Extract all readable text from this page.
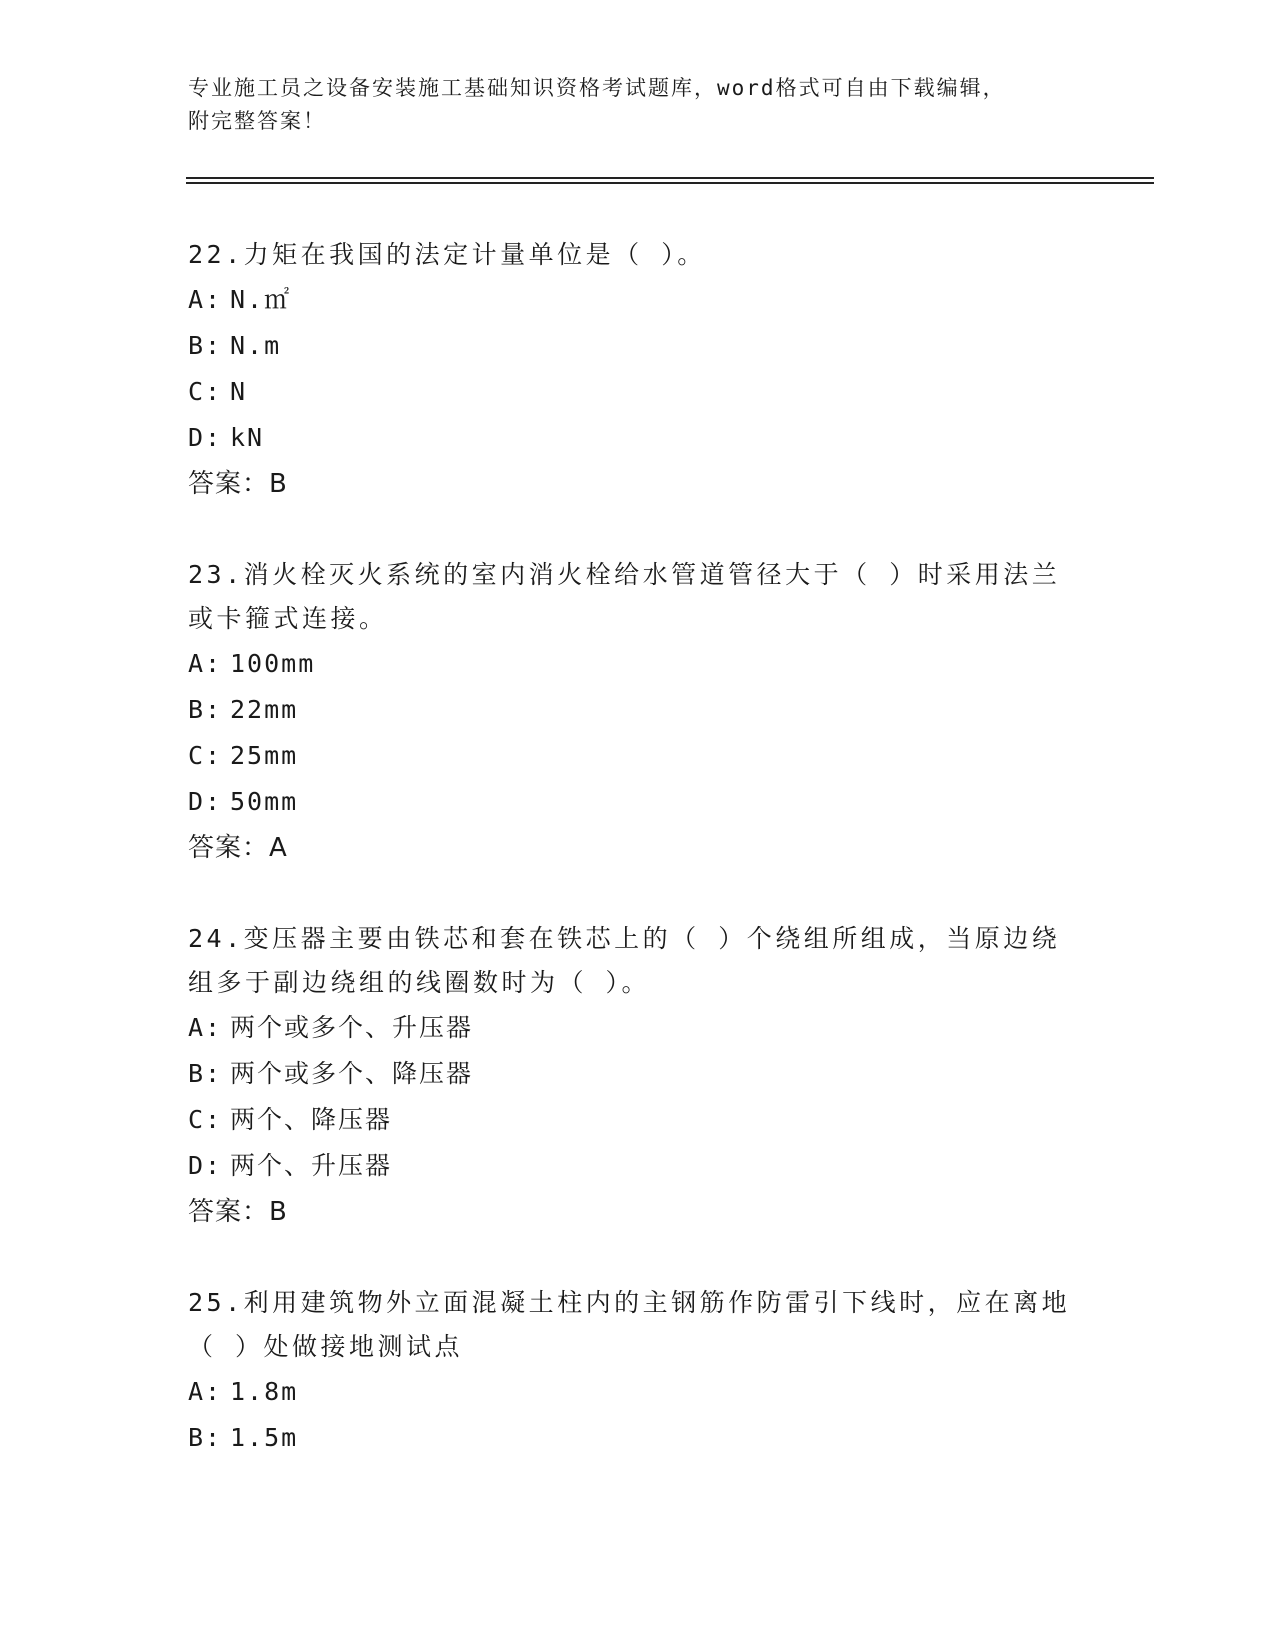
专业施工员之设备安装施工基础知识资格考试题库，word格式可自由下载编辑，
附完整答案！
22.力矩在我国的法定计量单位是（ ）。
A: N.㎡
B: N.m
C: N
D: kN
答案：B
23.消火栓灭火系统的室内消火栓给水管道管径大于（ ）时采用法兰
或卡箍式连接。
A: 100mm
B: 22mm
C: 25mm
D: 50mm
答案：A
24.变压器主要由铁芯和套在铁芯上的（ ）个绕组所组成，当原边绕
组多于副边绕组的线圈数时为（ ）。
A: 两个或多个、升压器
B: 两个或多个、降压器
C: 两个、降压器
D: 两个、升压器
答案：B
25.利用建筑物外立面混凝土柱内的主钢筋作防雷引下线时，应在离地
（ ）处做接地测试点
A: 1.8m
B: 1.5m
